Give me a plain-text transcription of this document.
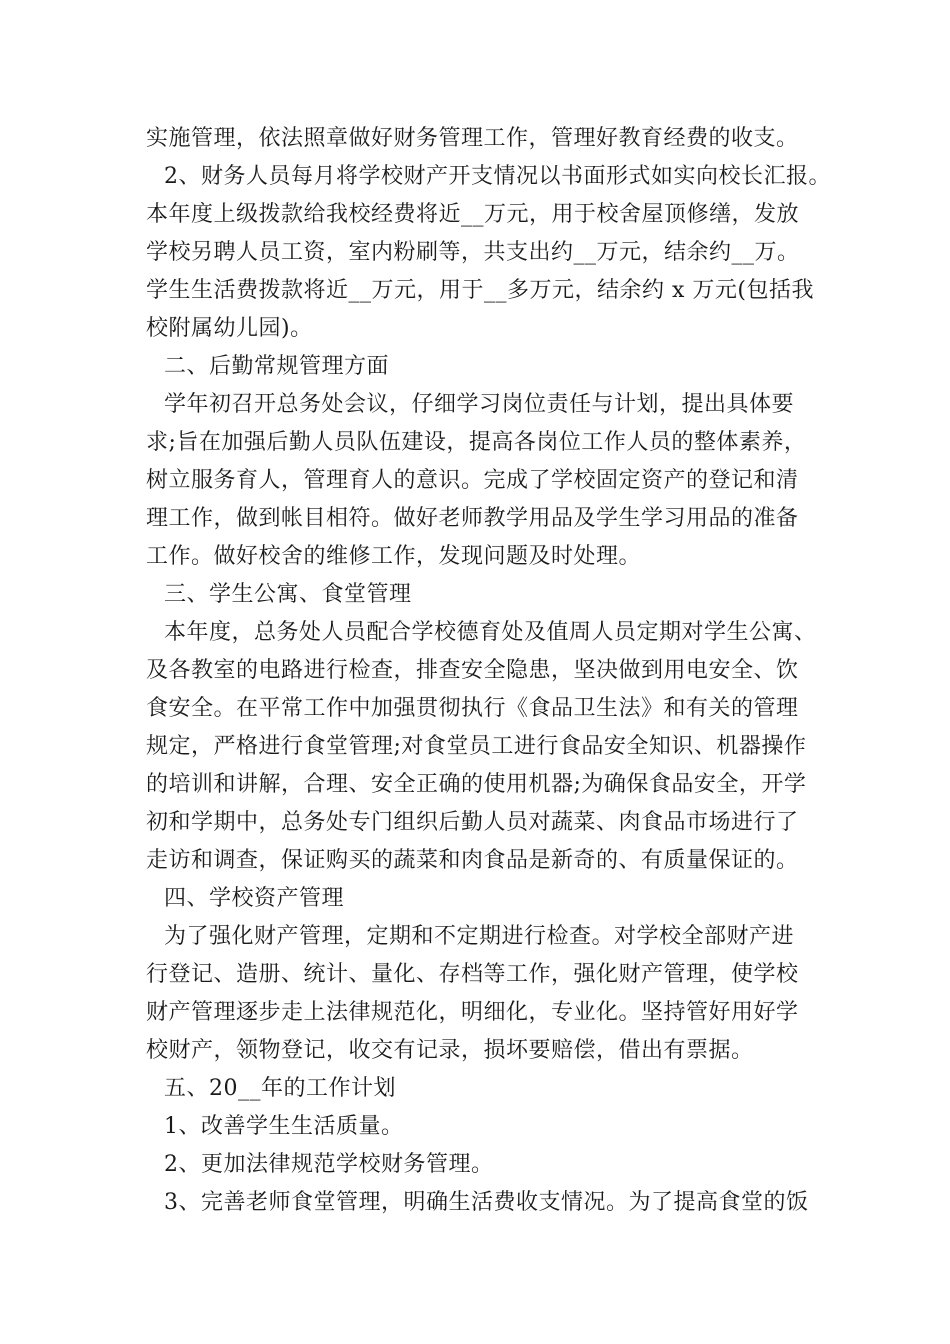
实施管理，依法照章做好财务管理工作，管理好教育经费的收支。
2、财务人员每月将学校财产开支情况以书面形式如实向校长汇报。
本年度上级拨款给我校经费将近__万元，用于校舍屋顶修缮，发放
学校另聘人员工资，室内粉刷等，共支出约__万元，结余约__万。
学生生活费拨款将近__万元，用于__多万元，结余约 x 万元(包括我
校附属幼儿园)。
二、后勤常规管理方面
学年初召开总务处会议，仔细学习岗位责任与计划，提出具体要
求;旨在加强后勤人员队伍建设，提高各岗位工作人员的整体素养，
树立服务育人，管理育人的意识。完成了学校固定资产的登记和清
理工作，做到帐目相符。做好老师教学用品及学生学习用品的准备
工作。做好校舍的维修工作，发现问题及时处理。
三、学生公寓、食堂管理
本年度，总务处人员配合学校德育处及值周人员定期对学生公寓、
及各教室的电路进行检查，排查安全隐患，坚决做到用电安全、饮
食安全。在平常工作中加强贯彻执行《食品卫生法》和有关的管理
规定，严格进行食堂管理;对食堂员工进行食品安全知识、机器操作
的培训和讲解，合理、安全正确的使用机器;为确保食品安全，开学
初和学期中，总务处专门组织后勤人员对蔬菜、肉食品市场进行了
走访和调查，保证购买的蔬菜和肉食品是新奇的、有质量保证的。
四、学校资产管理
为了强化财产管理，定期和不定期进行检查。对学校全部财产进
行登记、造册、统计、量化、存档等工作，强化财产管理，使学校
财产管理逐步走上法律规范化，明细化，专业化。坚持管好用好学
校财产，领物登记，收交有记录，损坏要赔偿，借出有票据。
五、20__年的工作计划
1、改善学生生活质量。
2、更加法律规范学校财务管理。
3、完善老师食堂管理，明确生活费收支情况。为了提高食堂的饭
